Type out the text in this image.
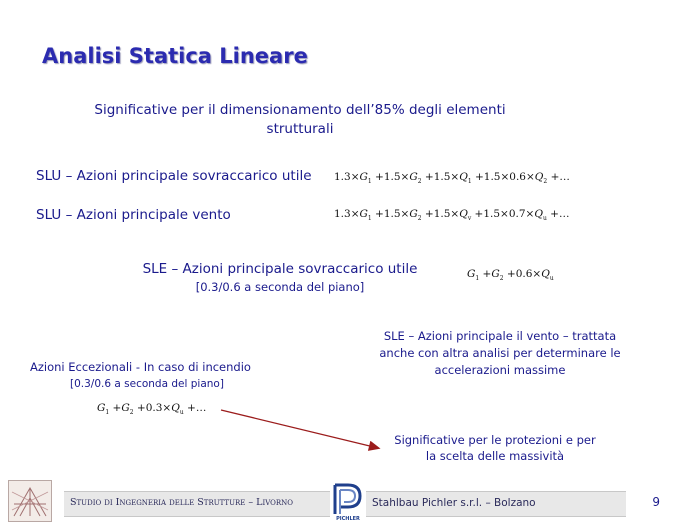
Analisi Statica Lineare
Significative per il dimensionamento dell’85% degli elementi
strutturali
SLU – Azioni principale sovraccarico utile $1.3\times G_1 +1.5\times G_2 +1.5\times Q_1 +1.5\times 0.6\times Q_2$ +…
SLU – Azioni principale vento	$1.3\times G_1 +1.5\times G_2 +1.5\times Q_v +1.5\times 0.7\times Q_u$ +…
SLE – Azioni principale sovraccarico utile
[0.3/0.6 a seconda del piano]
$G_1 +G_2 +0.6\times Q_u$
SLE – Azioni principale il vento – trattata
anche con altra analisi per determinare le
accelerazioni massime
Azioni Eccezionali - In caso di incendio
[0.3/0.6 a seconda del piano]
$G_1 +G_2 +0.3\times Q_u$ +…
Significative per le protezioni e per
la scelta delle massività
Studio di Ingegneria delle Strutture – Livorno
PICHLER
Stahlbau Pichler s.r.l. – Bolzano	9
